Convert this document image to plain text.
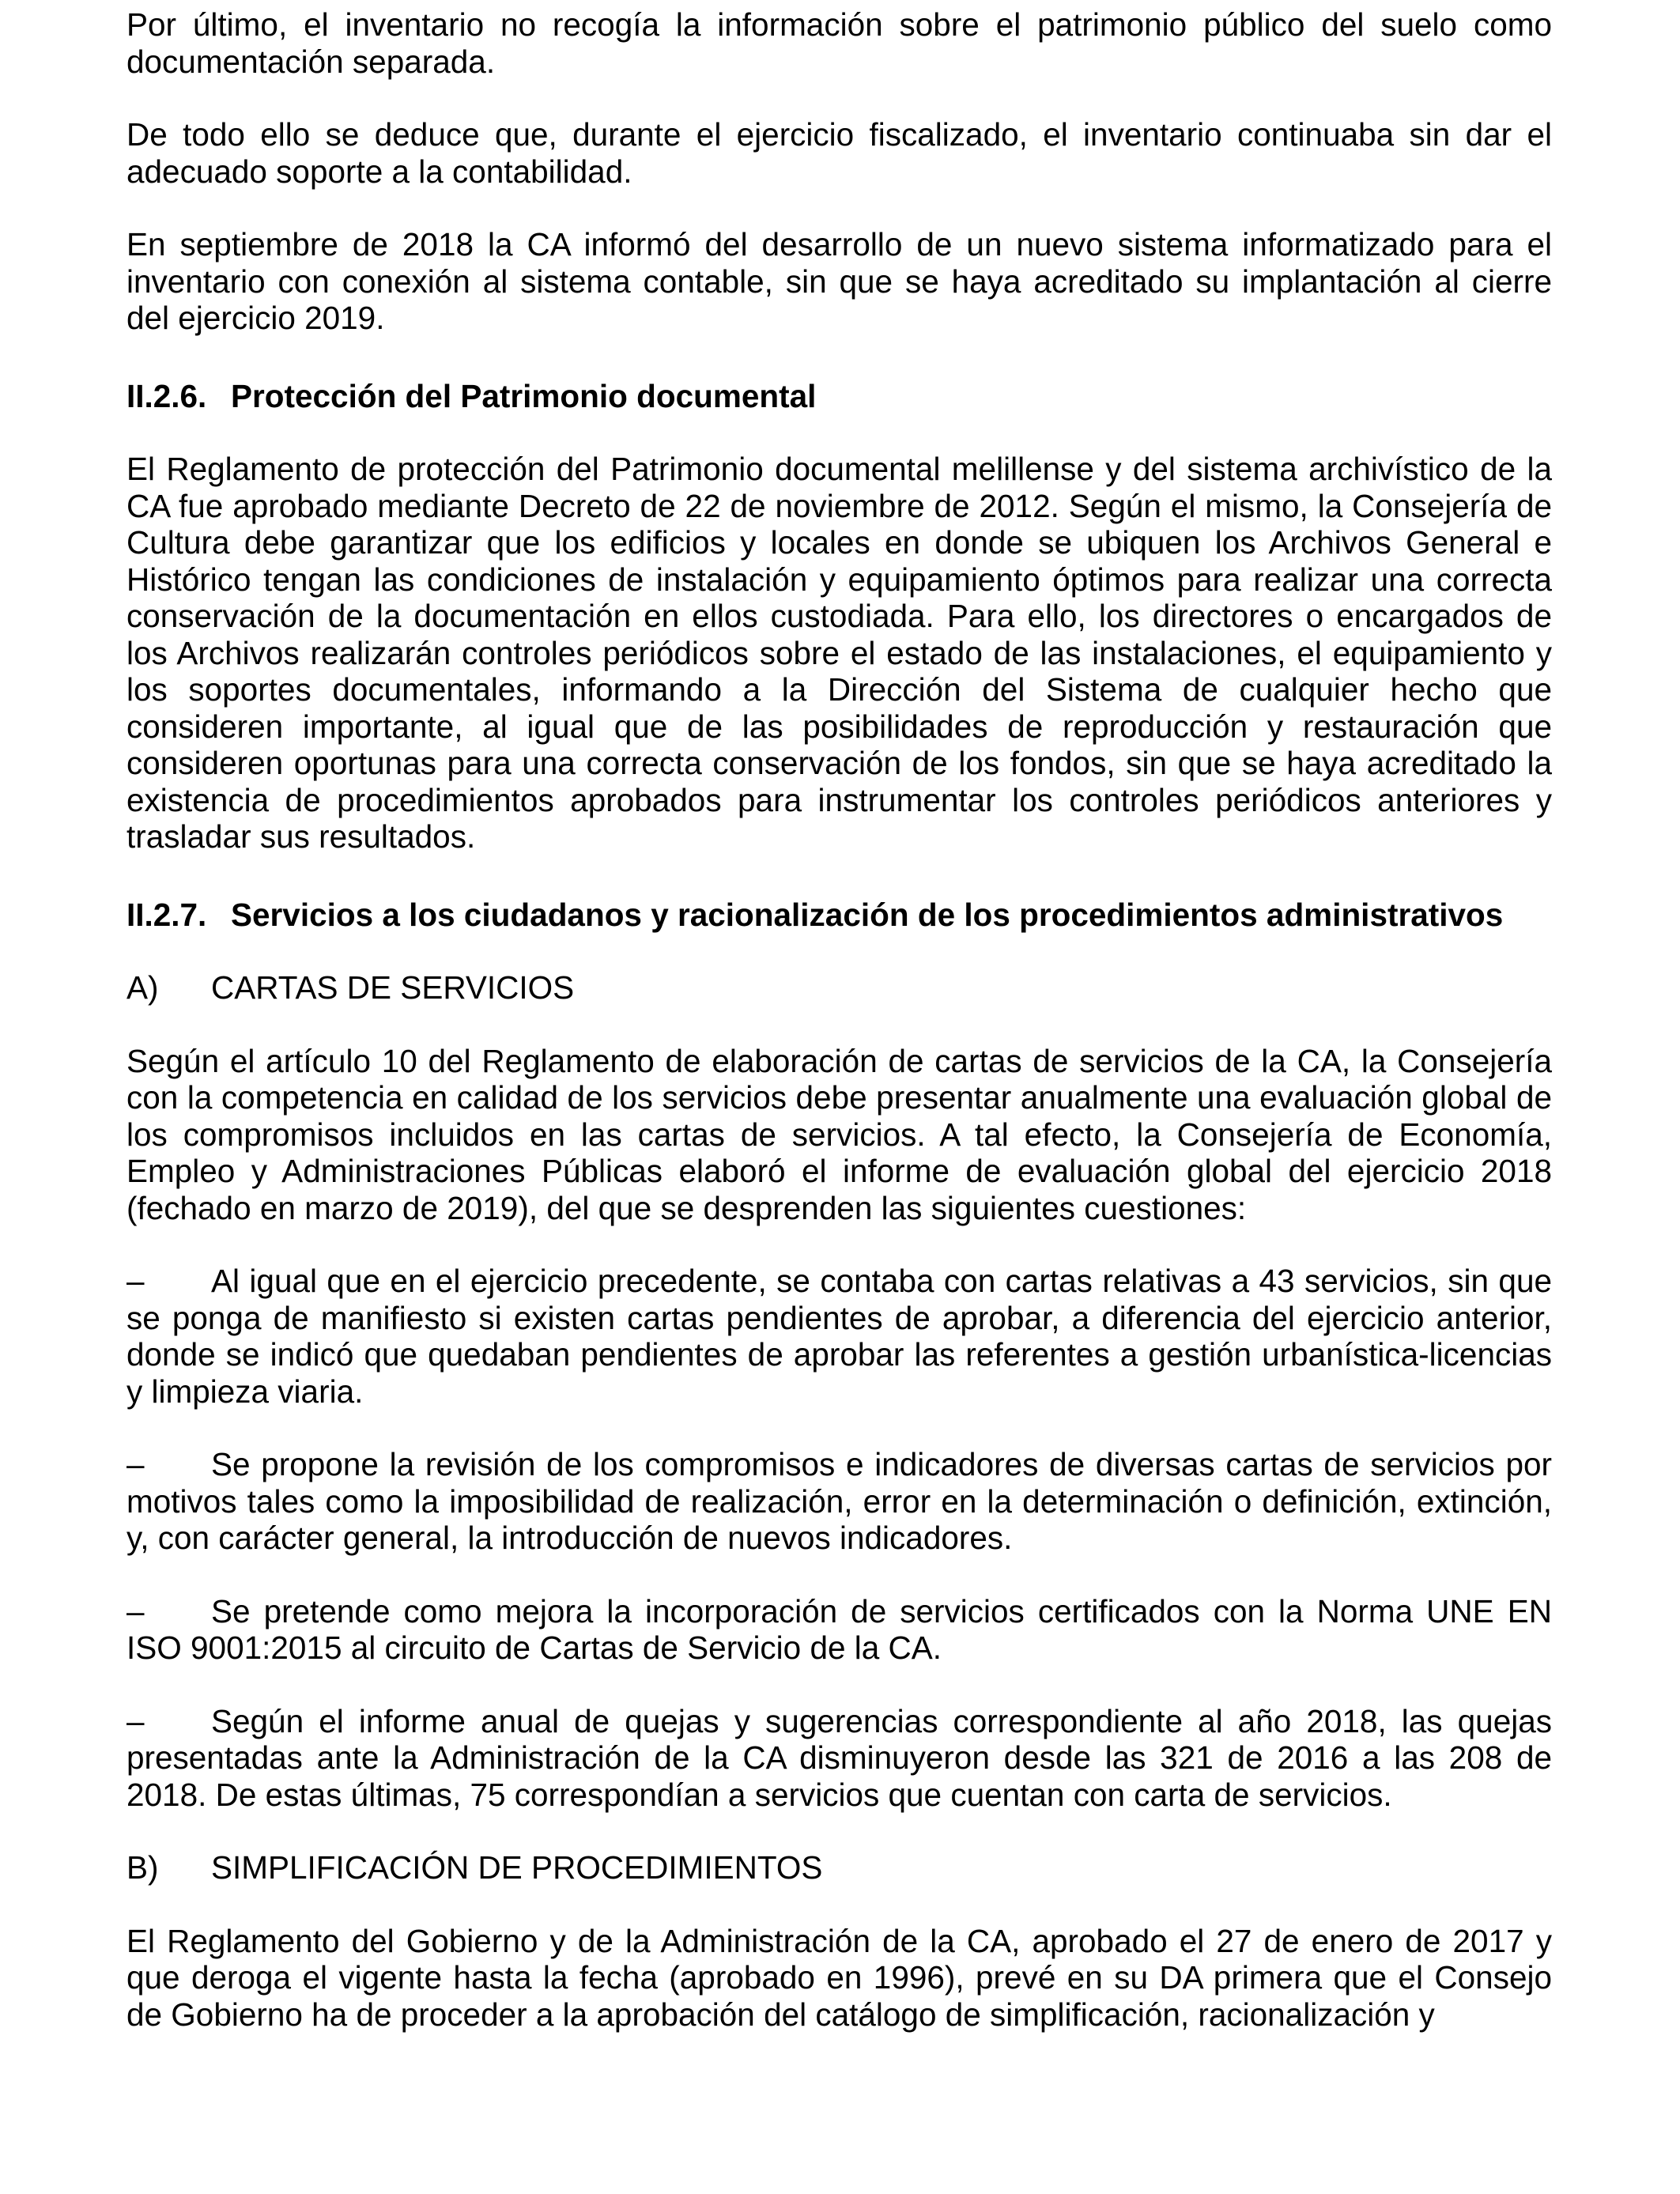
Por último, el inventario no recogía la información sobre el patrimonio público del suelo como documentación separada.

De todo ello se deduce que, durante el ejercicio fiscalizado, el inventario continuaba sin dar el adecuado soporte a la contabilidad.

En septiembre de 2018 la CA informó del desarrollo de un nuevo sistema informatizado para el inventario con conexión al sistema contable, sin que se haya acreditado su implantación al cierre del ejercicio 2019.

II.2.6. Protección del Patrimonio documental

El Reglamento de protección del Patrimonio documental melillense y del sistema archivístico de la CA fue aprobado mediante Decreto de 22 de noviembre de 2012. Según el mismo, la Consejería de Cultura debe garantizar que los edificios y locales en donde se ubiquen los Archivos General e Histórico tengan las condiciones de instalación y equipamiento óptimos para realizar una correcta conservación de la documentación en ellos custodiada. Para ello, los directores o encargados de los Archivos realizarán controles periódicos sobre el estado de las instalaciones, el equipamiento y los soportes documentales, informando a la Dirección del Sistema de cualquier hecho que consideren importante, al igual que de las posibilidades de reproducción y restauración que consideren oportunas para una correcta conservación de los fondos, sin que se haya acreditado la existencia de procedimientos aprobados para instrumentar los controles periódicos anteriores y trasladar sus resultados.

II.2.7. Servicios a los ciudadanos y racionalización de los procedimientos administrativos
A) CARTAS DE SERVICIOS

Según el artículo 10 del Reglamento de elaboración de cartas de servicios de la CA, la Consejería con la competencia en calidad de los servicios debe presentar anualmente una evaluación global de los compromisos incluidos en las cartas de servicios. A tal efecto, la Consejería de Economía, Empleo y Administraciones Públicas elaboró el informe de evaluación global del ejercicio 2018 (fechado en marzo de 2019), del que se desprenden las siguientes cuestiones:

– Al igual que en el ejercicio precedente, se contaba con cartas relativas a 43 servicios, sin que se ponga de manifiesto si existen cartas pendientes de aprobar, a diferencia del ejercicio anterior, donde se indicó que quedaban pendientes de aprobar las referentes a gestión urbanística-licencias y limpieza viaria.

– Se propone la revisión de los compromisos e indicadores de diversas cartas de servicios por motivos tales como la imposibilidad de realización, error en la determinación o definición, extinción, y, con carácter general, la introducción de nuevos indicadores.

– Se pretende como mejora la incorporación de servicios certificados con la Norma UNE EN ISO 9001:2015 al circuito de Cartas de Servicio de la CA.

– Según el informe anual de quejas y sugerencias correspondiente al año 2018, las quejas presentadas ante la Administración de la CA disminuyeron desde las 321 de 2016 a las 208 de 2018. De estas últimas, 75 correspondían a servicios que cuentan con carta de servicios.

B) SIMPLIFICACIÓN DE PROCEDIMIENTOS

El Reglamento del Gobierno y de la Administración de la CA, aprobado el 27 de enero de 2017 y que deroga el vigente hasta la fecha (aprobado en 1996), prevé en su DA primera que el Consejo de Gobierno ha de proceder a la aprobación del catálogo de simplificación, racionalización y
